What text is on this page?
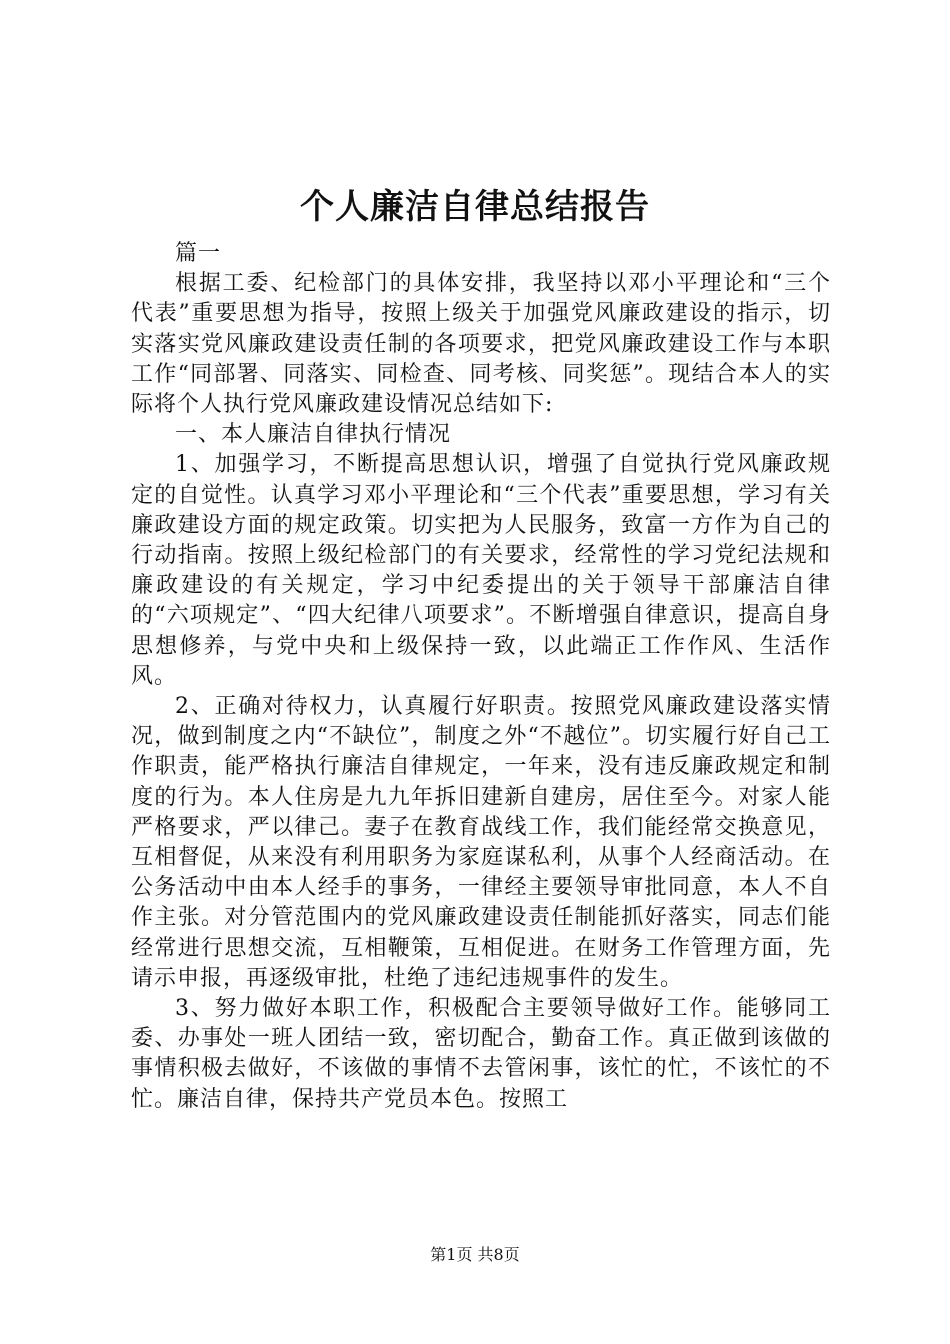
个人廉洁自律总结报告

篇一

根据工委、纪检部门的具体安排，我坚持以邓小平理论和“三个代表”重要思想为指导，按照上级关于加强党风廉政建设的指示，切实落实党风廉政建设责任制的各项要求，把党风廉政建设工作与本职工作“同部署、同落实、同检查、同考核、同奖惩”。现结合本人的实际将个人执行党风廉政建设情况总结如下:

一、本人廉洁自律执行情况

1、加强学习，不断提高思想认识，增强了自觉执行党风廉政规定的自觉性。认真学习邓小平理论和“三个代表”重要思想，学习有关廉政建设方面的规定政策。切实把为人民服务，致富一方作为自己的行动指南。按照上级纪检部门的有关要求，经常性的学习党纪法规和廉政建设的有关规定，学习中纪委提出的关于领导干部廉洁自律的“六项规定”、“四大纪律八项要求”。不断增强自律意识，提高自身思想修养，与党中央和上级保持一致，以此端正工作作风、生活作风。

2、正确对待权力，认真履行好职责。按照党风廉政建设落实情况，做到制度之内“不缺位”，制度之外“不越位”。切实履行好自己工作职责，能严格执行廉洁自律规定，一年来，没有违反廉政规定和制度的行为。本人住房是九九年拆旧建新自建房，居住至今。对家人能严格要求，严以律己。妻子在教育战线工作，我们能经常交换意见，互相督促，从来没有利用职务为家庭谋私利，从事个人经商活动。在公务活动中由本人经手的事务，一律经主要领导审批同意，本人不自作主张。对分管范围内的党风廉政建设责任制能抓好落实，同志们能经常进行思想交流，互相鞭策，互相促进。在财务工作管理方面，先请示申报，再逐级审批，杜绝了违纪违规事件的发生。

3、努力做好本职工作，积极配合主要领导做好工作。能够同工委、办事处一班人团结一致，密切配合，勤奋工作。真正做到该做的事情积极去做好，不该做的事情不去管闲事，该忙的忙，不该忙的不忙。廉洁自律，保持共产党员本色。按照工

第1页 共8页
